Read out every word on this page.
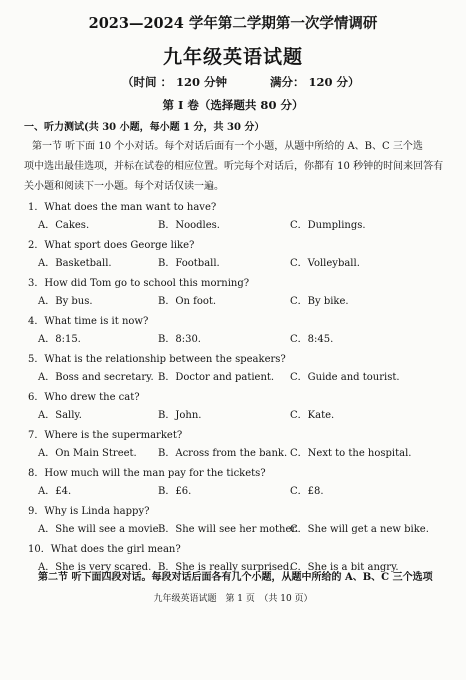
2023—2024 学年第二学期第一次学情调研
九年级英语试题
（时间 ： 120 分钟	满分： 120 分）
第 I 卷（选择题共 80 分）
一、听力测试(共 30 小题，每小题 1 分，共 30 分）
第一节 听下面 10 个小对话。每个对话后面有一个小题，从题中所给的 A、B、C 三个选
项中选出最佳选项，并标在试卷的相应位置。听完每个对话后，你都有 10 秒钟的时间来回答有
关小题和阅读下一小题。每个对话仅读一遍。
1．What does the man want to have?
A．Cakes.	B．Noodles.	C．Dumplings.
2．What sport does George like?
A．Basketball.	B．Football.	C．Volleyball.
3．How did Tom go to school this morning?
A．By bus.	B．On foot.	C．By bike.
4．What time is it now?
A．8:15.	B．8:30.	C．8:45.
5．What is the relationship between the speakers?
A．Boss and secretary. B．Doctor and patient. C．Guide and tourist.
6．Who drew the cat?
A．Sally.	B．John.	C．Kate.
7．Where is the supermarket?
A．On Main Street. B．Across from the bank. C．Next to the hospital.
8．How much will the man pay for the tickets?
A．£4.	B．£6.	C．£8.
9．Why is Linda happy?
A．She will see a movie.
B．She will see her mother.
C．She will get a new bike.
10．What does the girl mean?
A．She is very scared. B．She is really surprised.
C．She is a bit angry.
第二节 听下面四段对话。每段对话后面各有几个小题，从题中所给的 A、B、C 三个选项
九年级英语试题　第 1 页　（共 10 页）
